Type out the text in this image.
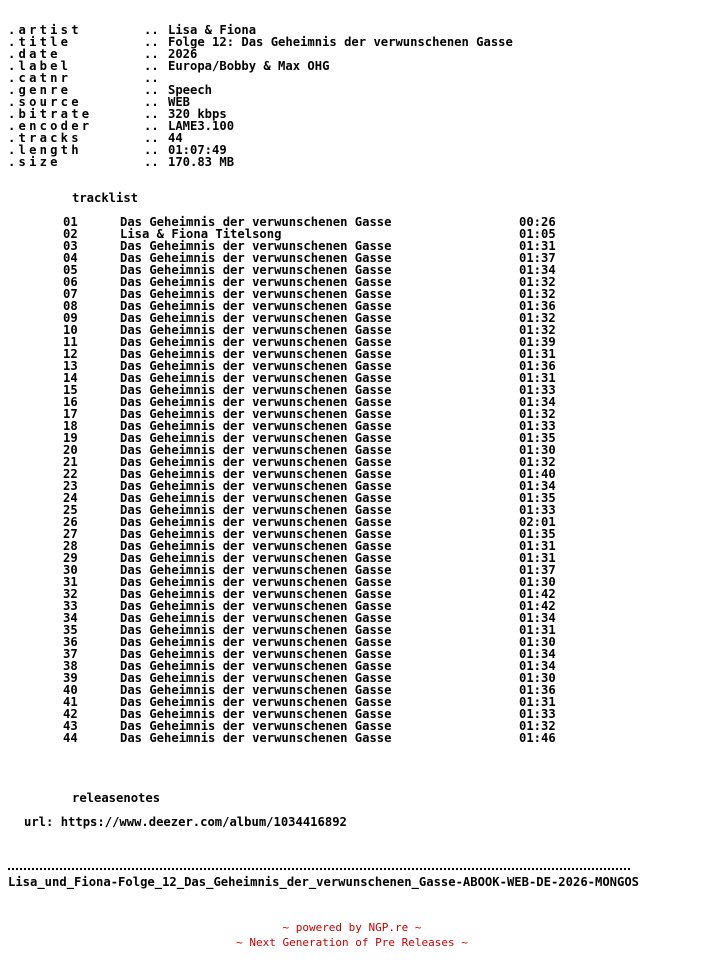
.artist	.. Lisa & Fiona
.title	.. Folge 12: Das Geheimnis der verwunschenen Gasse
.date	.. 2026
.label	.. Europa/Bobby & Max OHG
.catnr	..
.genre	.. Speech
.source	.. WEB
.bitrate	.. 320 kbps
.encoder	.. LAME3.100
.tracks	.. 44
.length	.. 01:07:49
.size	.. 170.83 MB
tracklist
01	Das Geheimnis der verwunschenen Gasse	00:26
02	Lisa & Fiona Titelsong	01:05
03	Das Geheimnis der verwunschenen Gasse	01:31
04	Das Geheimnis der verwunschenen Gasse	01:37
05	Das Geheimnis der verwunschenen Gasse	01:34
06	Das Geheimnis der verwunschenen Gasse	01:32
07	Das Geheimnis der verwunschenen Gasse	01:32
08	Das Geheimnis der verwunschenen Gasse	01:36
09	Das Geheimnis der verwunschenen Gasse	01:32
10	Das Geheimnis der verwunschenen Gasse	01:32
11	Das Geheimnis der verwunschenen Gasse	01:39
12	Das Geheimnis der verwunschenen Gasse	01:31
13	Das Geheimnis der verwunschenen Gasse	01:36
14	Das Geheimnis der verwunschenen Gasse	01:31
15	Das Geheimnis der verwunschenen Gasse	01:33
16	Das Geheimnis der verwunschenen Gasse	01:34
17	Das Geheimnis der verwunschenen Gasse	01:32
18	Das Geheimnis der verwunschenen Gasse	01:33
19	Das Geheimnis der verwunschenen Gasse	01:35
20	Das Geheimnis der verwunschenen Gasse	01:30
21	Das Geheimnis der verwunschenen Gasse	01:32
22	Das Geheimnis der verwunschenen Gasse	01:40
23	Das Geheimnis der verwunschenen Gasse	01:34
24	Das Geheimnis der verwunschenen Gasse	01:35
25	Das Geheimnis der verwunschenen Gasse	01:33
26	Das Geheimnis der verwunschenen Gasse	02:01
27	Das Geheimnis der verwunschenen Gasse	01:35
28	Das Geheimnis der verwunschenen Gasse	01:31
29	Das Geheimnis der verwunschenen Gasse	01:31
30	Das Geheimnis der verwunschenen Gasse	01:37
31	Das Geheimnis der verwunschenen Gasse	01:30
32	Das Geheimnis der verwunschenen Gasse	01:42
33	Das Geheimnis der verwunschenen Gasse	01:42
34	Das Geheimnis der verwunschenen Gasse	01:34
35	Das Geheimnis der verwunschenen Gasse	01:31
36	Das Geheimnis der verwunschenen Gasse	01:30
37	Das Geheimnis der verwunschenen Gasse	01:34
38	Das Geheimnis der verwunschenen Gasse	01:34
39	Das Geheimnis der verwunschenen Gasse	01:30
40	Das Geheimnis der verwunschenen Gasse	01:36
41	Das Geheimnis der verwunschenen Gasse	01:31
42	Das Geheimnis der verwunschenen Gasse	01:33
43	Das Geheimnis der verwunschenen Gasse	01:32
44	Das Geheimnis der verwunschenen Gasse	01:46
releasenotes
url: https://www.deezer.com/album/1034416892
Lisa_und_Fiona-Folge_12_Das_Geheimnis_der_verwunschenen_Gasse-ABOOK-WEB-DE-2026-MONGOS
~ powered by NGP.re ~
~ Next Generation of Pre Releases ~
